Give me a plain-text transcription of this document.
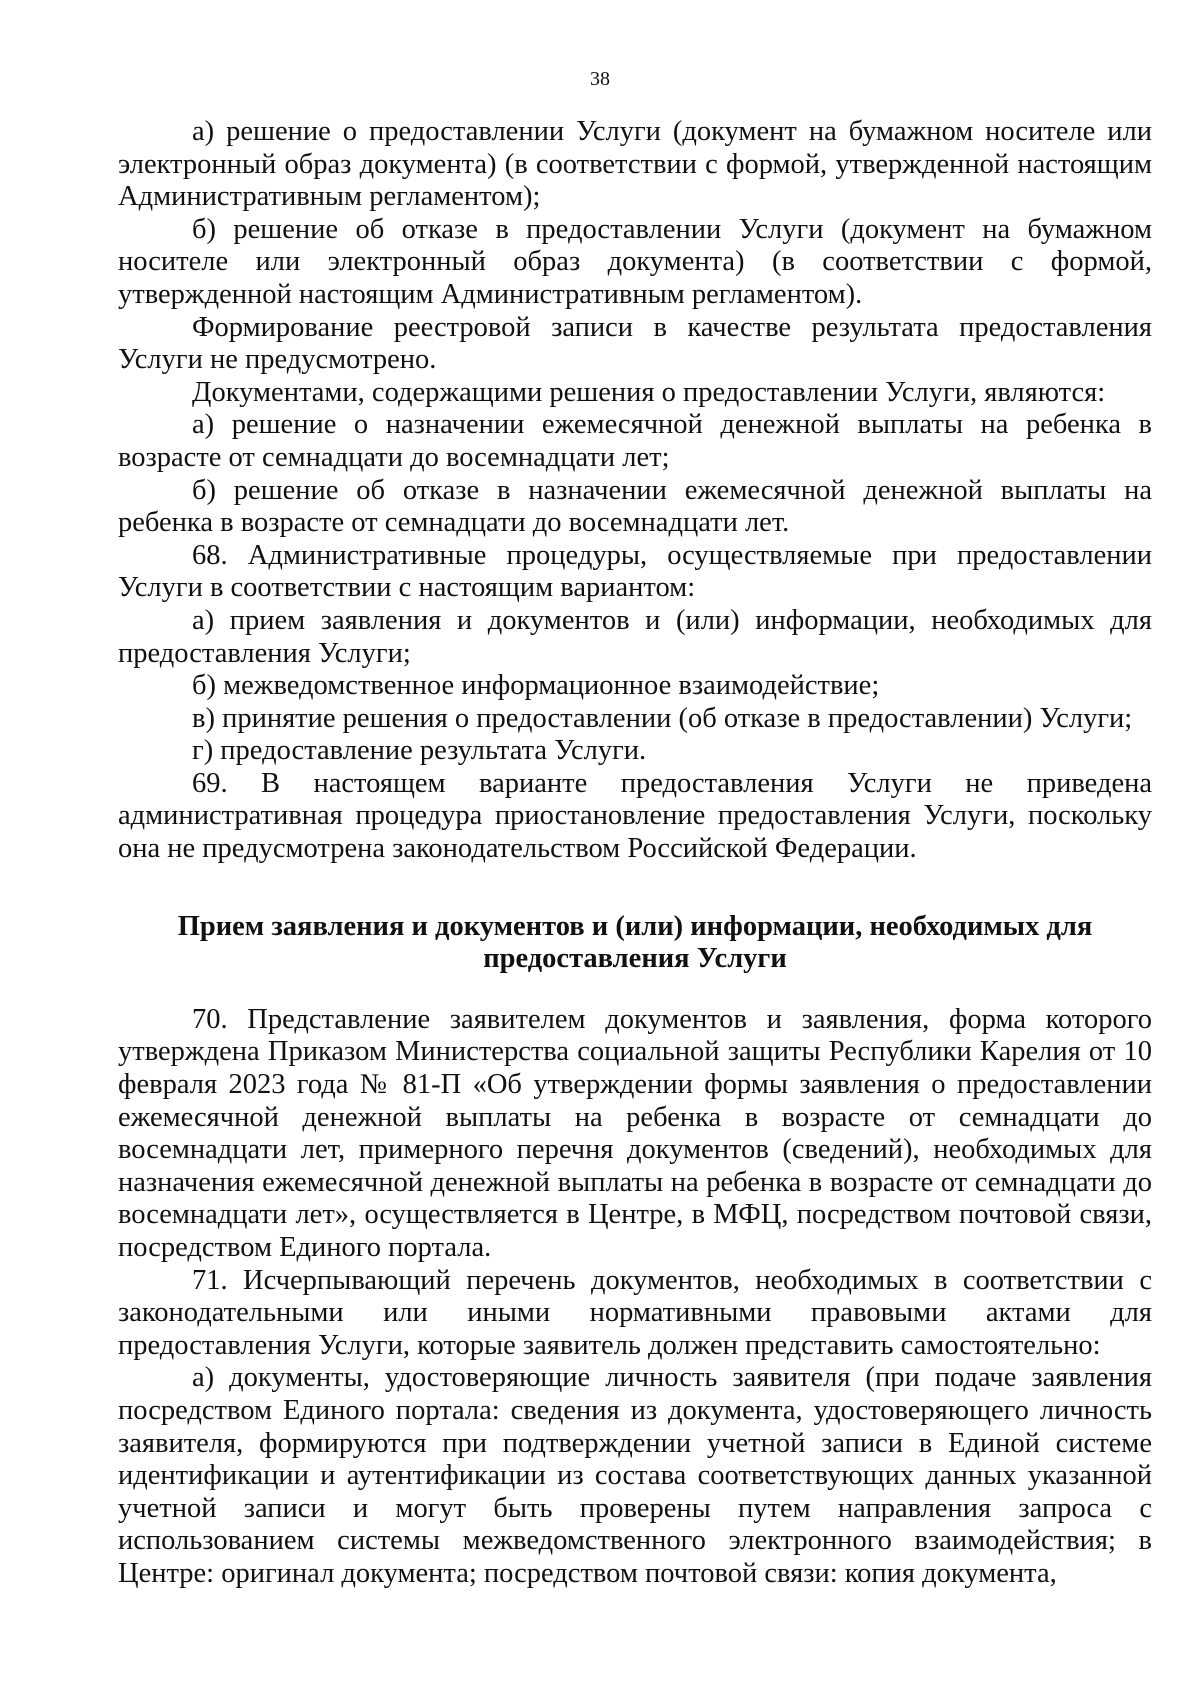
38

а) решение о предоставлении Услуги (документ на бумажном носителе или электронный образ документа) (в соответствии с формой, утвержденной настоящим Административным регламентом);

б) решение об отказе в предоставлении Услуги (документ на бумажном носителе или электронный образ документа) (в соответствии с формой, утвержденной настоящим Административным регламентом).

Формирование реестровой записи в качестве результата предоставления Услуги не предусмотрено.

Документами, содержащими решения о предоставлении Услуги, являются:

а) решение о назначении ежемесячной денежной выплаты на ребенка в возрасте от семнадцати до восемнадцати лет;

б) решение об отказе в назначении ежемесячной денежной выплаты на ребенка в возрасте от семнадцати до восемнадцати лет.

68. Административные процедуры, осуществляемые при предоставлении Услуги в соответствии с настоящим вариантом:

а) прием заявления и документов и (или) информации, необходимых для предоставления Услуги;

б) межведомственное информационное взаимодействие;

в) принятие решения о предоставлении (об отказе в предоставлении) Услуги;

г) предоставление результата Услуги.

69. В настоящем варианте предоставления Услуги не приведена административная процедура приостановление предоставления Услуги, поскольку она не предусмотрена законодательством Российской Федерации.

Прием заявления и документов и (или) информации, необходимых для
предоставления Услуги

70. Представление заявителем документов и заявления, форма которого утверждена Приказом Министерства социальной защиты Республики Карелия от 10 февраля 2023 года № 81-П «Об утверждении формы заявления о предоставлении ежемесячной денежной выплаты на ребенка в возрасте от семнадцати до восемнадцати лет, примерного перечня документов (сведений), необходимых для назначения ежемесячной денежной выплаты на ребенка в возрасте от семнадцати до восемнадцати лет», осуществляется в Центре, в МФЦ, посредством почтовой связи, посредством Единого портала.

71. Исчерпывающий перечень документов, необходимых в соответствии с законодательными или иными нормативными правовыми актами для предоставления Услуги, которые заявитель должен представить самостоятельно:

а) документы, удостоверяющие личность заявителя (при подаче заявления посредством Единого портала: сведения из документа, удостоверяющего личность заявителя, формируются при подтверждении учетной записи в Единой системе идентификации и аутентификации из состава соответствующих данных указанной учетной записи и могут быть проверены путем направления запроса с использованием системы межведомственного электронного взаимодействия; в Центре: оригинал документа; посредством почтовой связи: копия документа,
